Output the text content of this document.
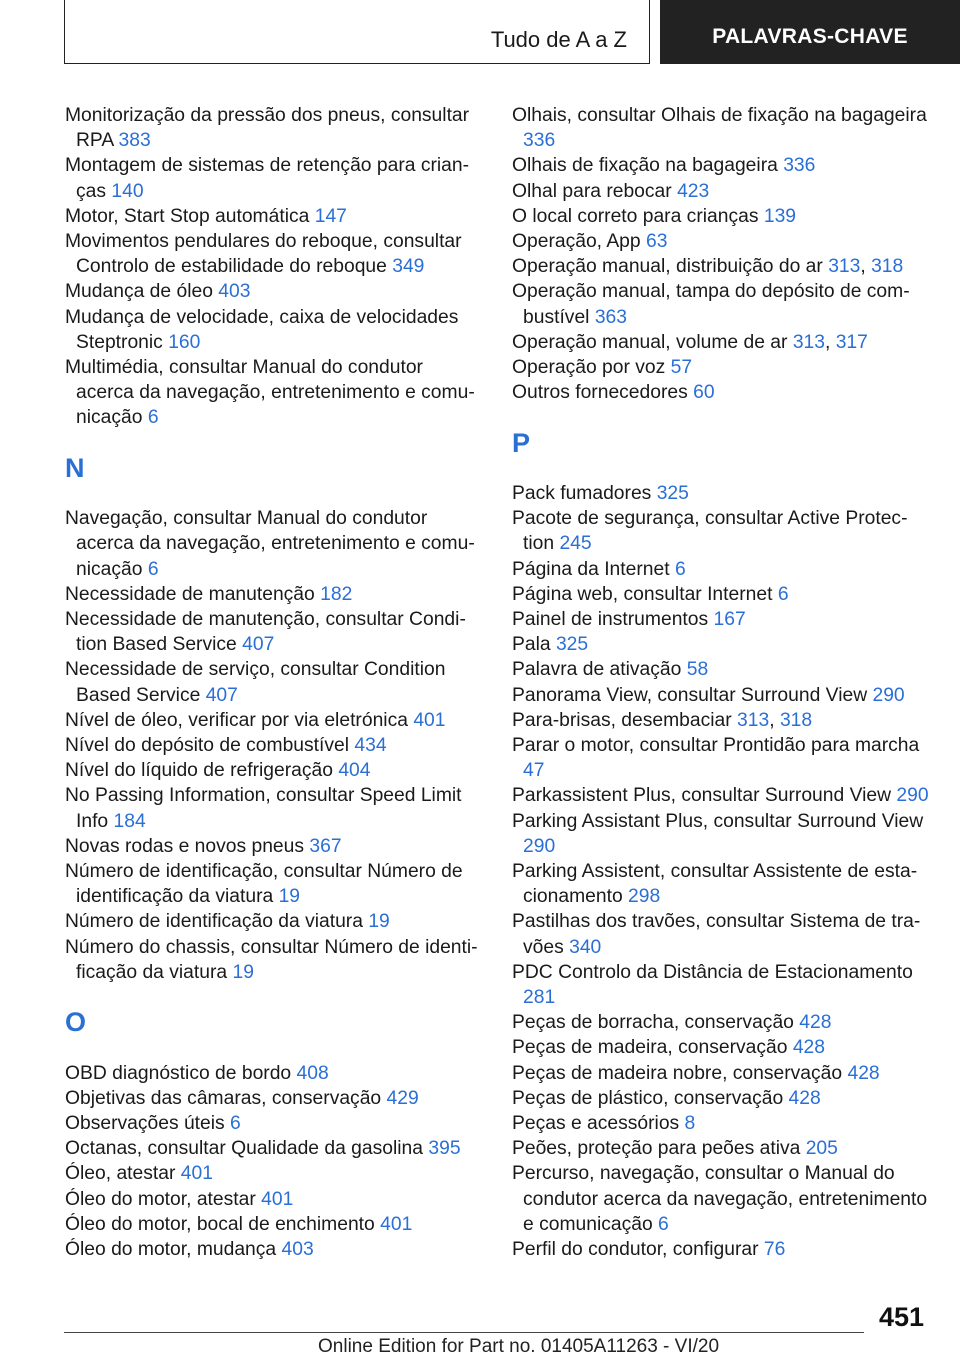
Tudo de A a Z	PALAVRAS-CHAVE

Monitorização da pressão dos pneus, consultar RPA 383

Montagem de sistemas de retenção para crianças 140

Motor, Start Stop automática 147

Movimentos pendulares do reboque, consultar Controlo de estabilidade do reboque 349

Mudança de óleo 403

Mudança de velocidade, caixa de velocidades Steptronic 160

Multimédia, consultar Manual do condutor acerca da navegação, entretenimento e comunicação 6

N

Navegação, consultar Manual do condutor acerca da navegação, entretenimento e comunicação 6

Necessidade de manutenção 182

Necessidade de manutenção, consultar Condition Based Service 407

Necessidade de serviço, consultar Condition Based Service 407

Nível de óleo, verificar por via eletrónica 401

Nível do depósito de combustível 434

Nível do líquido de refrigeração 404

No Passing Information, consultar Speed Limit Info 184

Novas rodas e novos pneus 367

Número de identificação, consultar Número de identificação da viatura 19

Número de identificação da viatura 19

Número do chassis, consultar Número de identificação da viatura 19

O

OBD diagnóstico de bordo 408

Objetivas das câmaras, conservação 429

Observações úteis 6

Octanas, consultar Qualidade da gasolina 395

Óleo, atestar 401

Óleo do motor, atestar 401

Óleo do motor, bocal de enchimento 401

Óleo do motor, mudança 403

Olhais, consultar Olhais de fixação na bagageira 336

Olhais de fixação na bagageira 336

Olhal para rebocar 423

O local correto para crianças 139

Operação, App 63

Operação manual, distribuição do ar 313, 318

Operação manual, tampa do depósito de combustível 363

Operação manual, volume de ar 313, 317

Operação por voz 57

Outros fornecedores 60

P

Pack fumadores 325

Pacote de segurança, consultar Active Protection 245

Página da Internet 6

Página web, consultar Internet 6

Painel de instrumentos 167

Pala 325

Palavra de ativação 58

Panorama View, consultar Surround View 290

Para-brisas, desembaciar 313, 318

Parar o motor, consultar Prontidão para marcha 47

Parkassistent Plus, consultar Surround View 290

Parking Assistant Plus, consultar Surround View 290

Parking Assistent, consultar Assistente de estacionamento 298

Pastilhas dos travões, consultar Sistema de travões 340

PDC Controlo da Distância de Estacionamento 281

Peças de borracha, conservação 428

Peças de madeira, conservação 428

Peças de madeira nobre, conservação 428

Peças de plástico, conservação 428

Peças e acessórios 8

Peões, proteção para peões ativa 205

Percurso, navegação, consultar o Manual do condutor acerca da navegação, entretenimento e comunicação 6

Perfil do condutor, configurar 76

451
Online Edition for Part no. 01405A11263 - VI/20
